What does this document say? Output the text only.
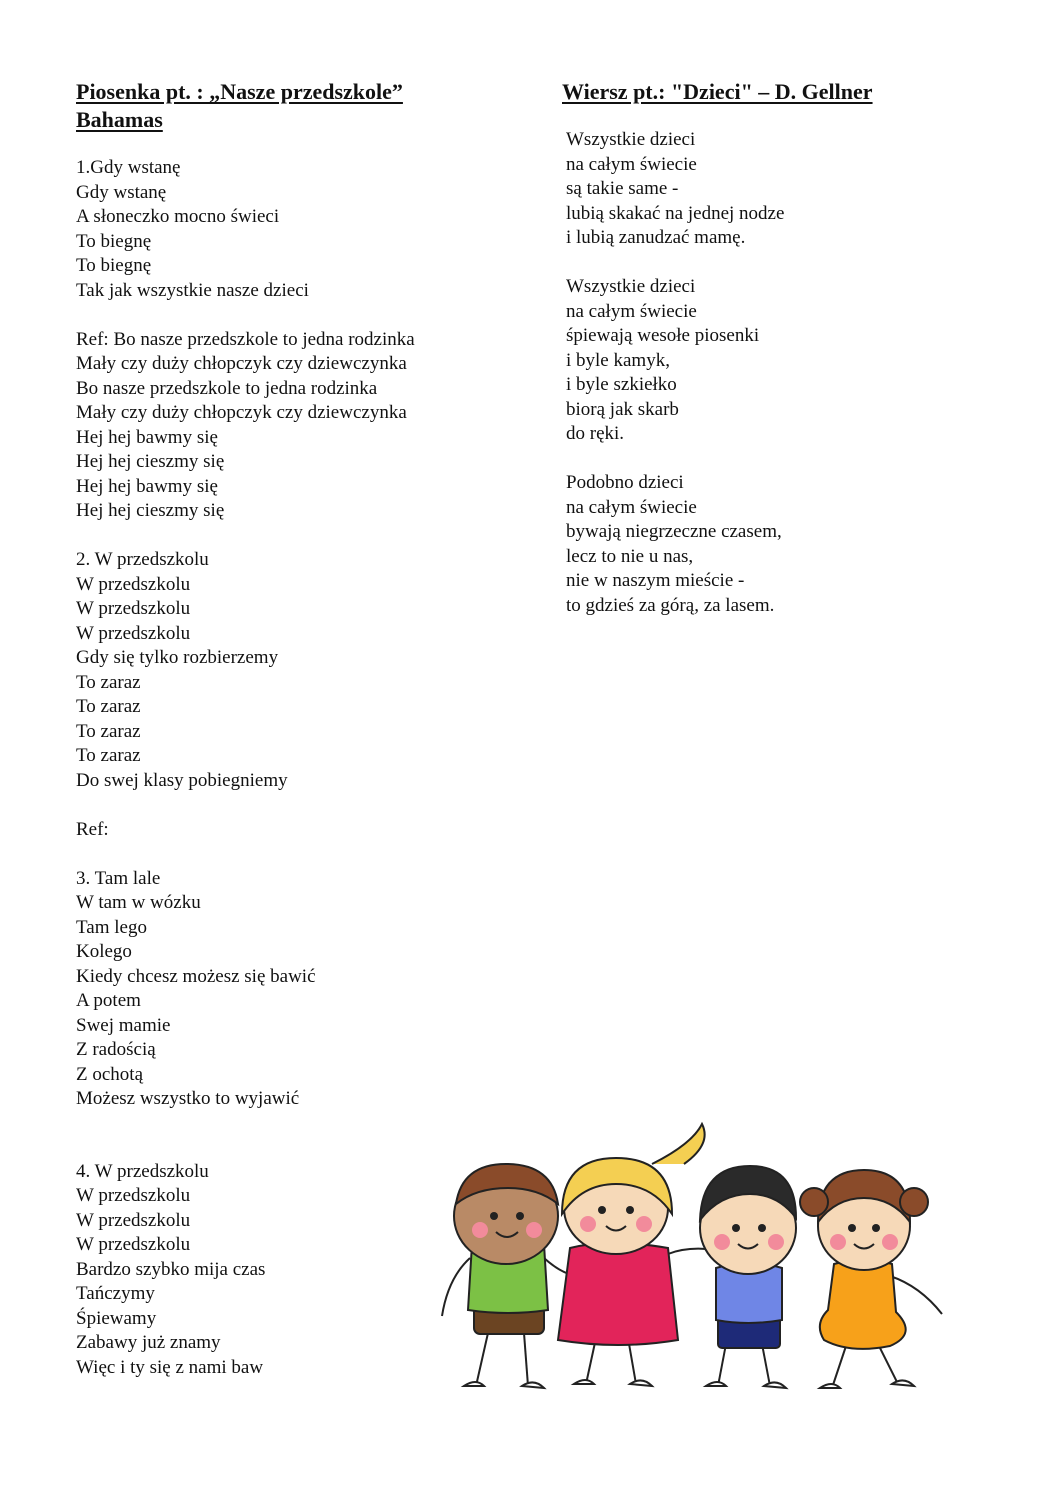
Piosenka pt. : „Nasze przedszkole”
Bahamas
1.Gdy wstanę
Gdy wstanę
A słoneczko mocno świeci
To biegnę
To biegnę
Tak jak wszystkie nasze dzieci
Ref: Bo nasze przedszkole to jedna rodzinka
Mały czy duży chłopczyk czy dziewczynka
Bo nasze przedszkole to jedna rodzinka
Mały czy duży chłopczyk czy dziewczynka
Hej hej bawmy się
Hej hej cieszmy się
Hej hej bawmy się
Hej hej cieszmy się
2. W przedszkolu
W przedszkolu
W przedszkolu
W przedszkolu
Gdy się tylko rozbierzemy
To zaraz
To zaraz
To zaraz
To zaraz
Do swej klasy pobiegniemy
Ref:
3. Tam lale
W tam w wózku
Tam lego
Kolego
Kiedy chcesz możesz się bawić
A potem
Swej mamie
Z radością
Z ochotą
Możesz wszystko to wyjawić
4. W przedszkolu
W przedszkolu
W przedszkolu
W przedszkolu
Bardzo szybko mija czas
Tańczymy
Śpiewamy
Zabawy już znamy
Więc i ty się z nami baw
Wiersz pt.: "Dzieci" – D. Gellner
Wszystkie dzieci
na całym świecie
są takie same -
lubią skakać na jednej nodze
i lubią zanudzać mamę.
Wszystkie dzieci
na całym świecie
śpiewają wesołe piosenki
i byle kamyk,
i byle szkiełko
biorą jak skarb
do ręki.
Podobno dzieci
na całym świecie
bywają niegrzeczne czasem,
lecz to nie u nas,
nie w naszym mieście -
to gdzieś za górą, za lasem.
